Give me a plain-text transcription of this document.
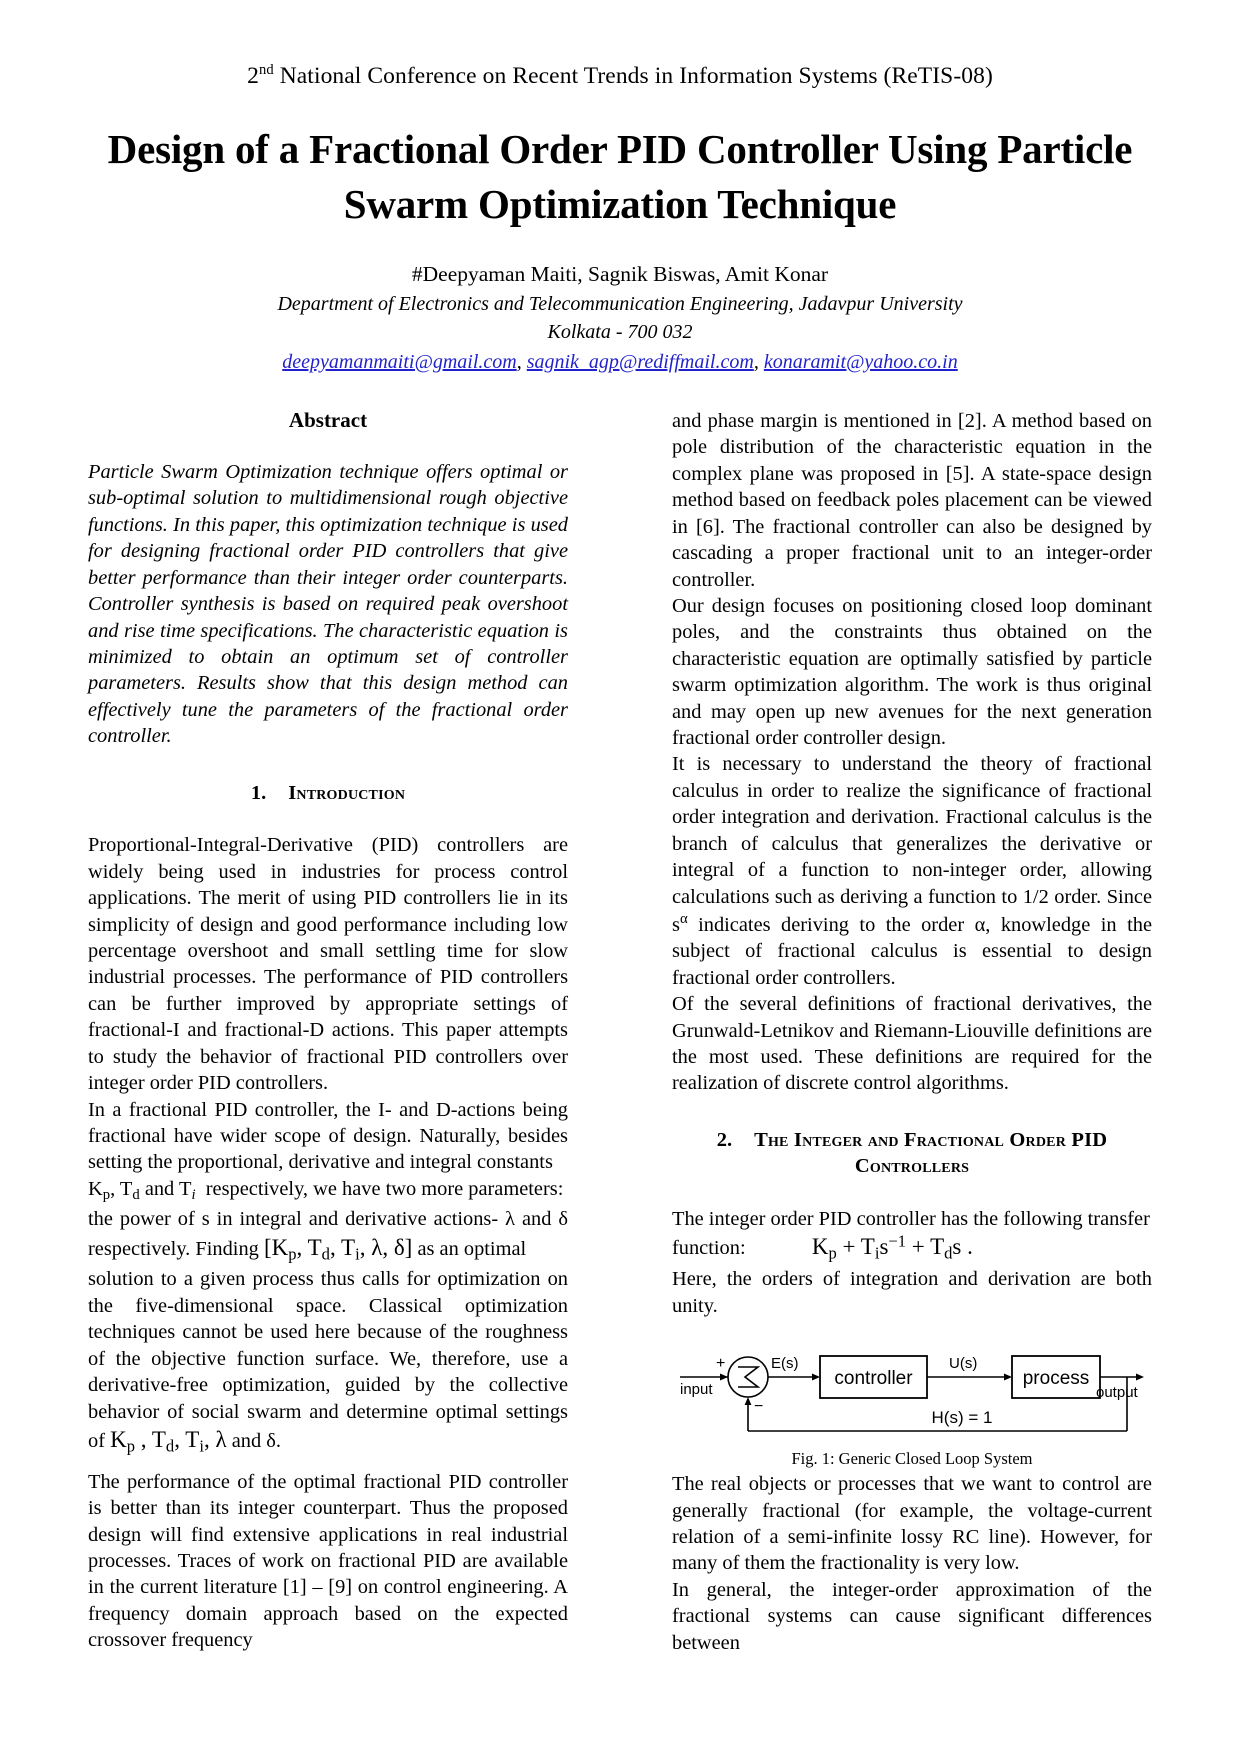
2nd National Conference on Recent Trends in Information Systems (ReTIS-08)
Design of a Fractional Order PID Controller Using Particle Swarm Optimization Technique
#Deepyaman Maiti, Sagnik Biswas, Amit Konar
Department of Electronics and Telecommunication Engineering, Jadavpur University
Kolkata - 700 032
deepyamanmaiti@gmail.com, sagnik_agp@rediffmail.com, konaramit@yahoo.co.in
Abstract

Particle Swarm Optimization technique offers optimal or sub-optimal solution to multidimensional rough objective functions. In this paper, this optimization technique is used for designing fractional order PID controllers that give better performance than their integer order counterparts. Controller synthesis is based on required peak overshoot and rise time specifications. The characteristic equation is minimized to obtain an optimum set of controller parameters. Results show that this design method can effectively tune the parameters of the fractional order controller.

1. Introduction

Proportional-Integral-Derivative (PID) controllers are widely being used in industries for process control applications. The merit of using PID controllers lie in its simplicity of design and good performance including low percentage overshoot and small settling time for slow industrial processes. The performance of PID controllers can be further improved by appropriate settings of fractional-I and fractional-D actions. This paper attempts to study the behavior of fractional PID controllers over integer order PID controllers.

In a fractional PID controller, the I- and D-actions being fractional have wider scope of design. Naturally, besides setting the proportional, derivative and integral constants

$K_p$, $T_d$ and $T_i$ respectively, we have two more parameters:

the power of s in integral and derivative actions- λ and δ respectively. Finding [$K_p$, $T_d$, $T_i$, λ, δ] as an optimal

solution to a given process thus calls for optimization on the five-dimensional space. Classical optimization techniques cannot be used here because of the roughness of the objective function surface. We, therefore, use a derivative-free optimization, guided by the collective behavior of social swarm and determine optimal settings of $K_p$ , $T_d$, $T_i$, λ and δ.

The performance of the optimal fractional PID controller is better than its integer counterpart. Thus the proposed design will find extensive applications in real industrial processes. Traces of work on fractional PID are available in the current literature [1] – [9] on control engineering. A frequency domain approach based on the expected crossover frequency

and phase margin is mentioned in [2]. A method based on pole distribution of the characteristic equation in the complex plane was proposed in [5]. A state-space design method based on feedback poles placement can be viewed in [6]. The fractional controller can also be designed by cascading a proper fractional unit to an integer-order controller.

Our design focuses on positioning closed loop dominant poles, and the constraints thus obtained on the characteristic equation are optimally satisfied by particle swarm optimization algorithm. The work is thus original and may open up new avenues for the next generation fractional order controller design.

It is necessary to understand the theory of fractional calculus in order to realize the significance of fractional order integration and derivation. Fractional calculus is the branch of calculus that generalizes the derivative or integral of a function to non-integer order, allowing calculations such as deriving a function to 1/2 order. Since $s^\alpha$ indicates deriving to the order α, knowledge in the subject of fractional calculus is essential to design fractional order controllers.

Of the several definitions of fractional derivatives, the Grunwald-Letnikov and Riemann-Liouville definitions are the most used. These definitions are required for the realization of discrete control algorithms.

2. The Integer and Fractional Order PID
Controllers

The integer order PID controller has the following transfer

function:	$K_p + T_is^{-1} + T_ds$ .

Here, the orders of integration and derivation are both unity.

input
+
−
E(s)
controller
U(s)
process
output
H(s) = 1
Fig. 1: Generic Closed Loop System

The real objects or processes that we want to control are generally fractional (for example, the voltage-current relation of a semi-infinite lossy RC line). However, for many of them the fractionality is very low.

In general, the integer-order approximation of the fractional systems can cause significant differences between
